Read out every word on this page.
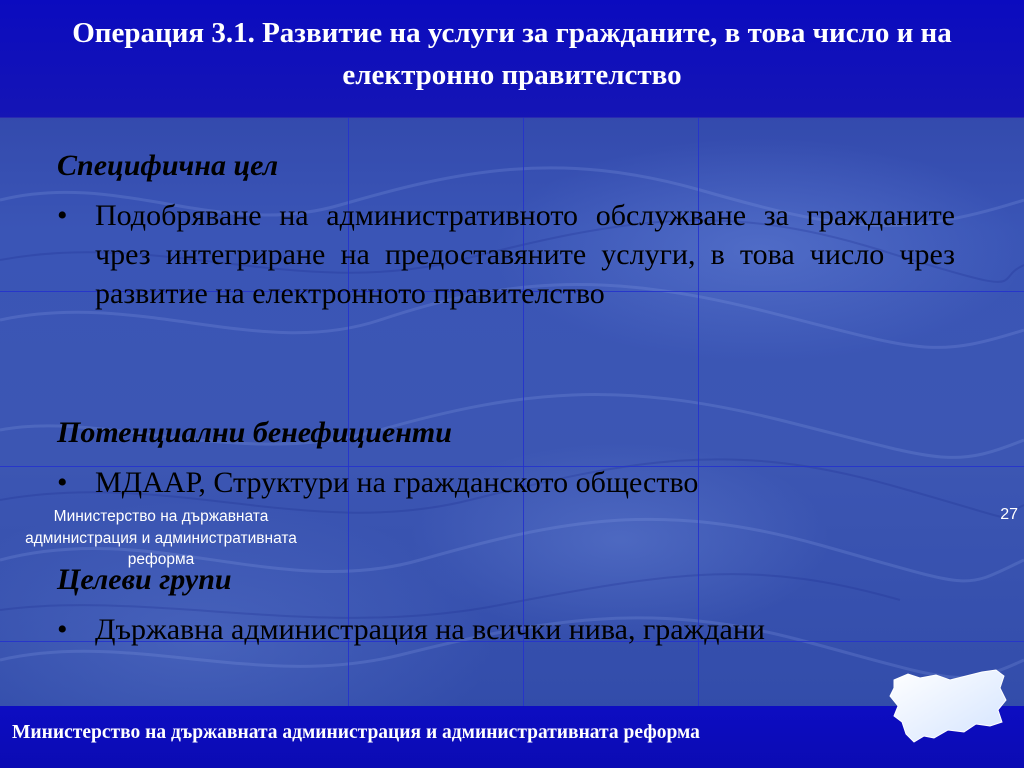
Операция 3.1. Развитие на услуги за гражданите, в това число и на електронно правителство
Специфична цел
• Подобряване на административното обслужване за гражданите чрез интегриране на предоставяните услуги, в това число чрез развитие на електронното правителство
Потенциални бенефициенти
• МДААР, Структури на гражданското общество
Целеви групи
• Държавна администрация на всички нива, граждани
Министерство на държавната администрация и административната реформа
27
Министерство на държавната администрация и административната реформа
